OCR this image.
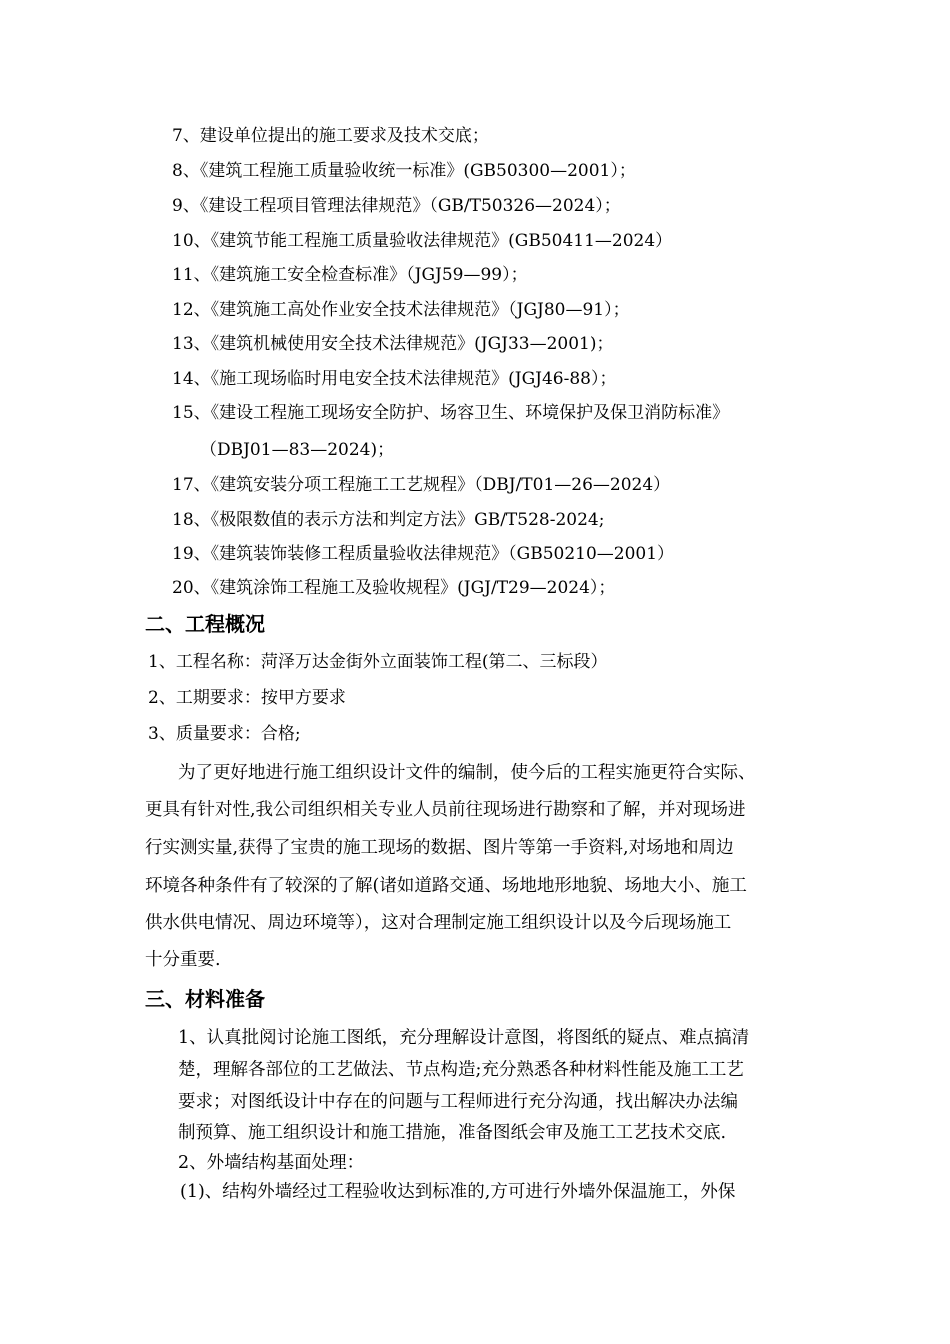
7、建设单位提出的施工要求及技术交底；
8、《建筑工程施工质量验收统一标准》(GB50300—2001）；
9、《建设工程项目管理法律规范》（GB/T50326—2024）；
10、《建筑节能工程施工质量验收法律规范》(GB50411—2024）
11、《建筑施工安全检查标准》（JGJ59—99）；
12、《建筑施工高处作业安全技术法律规范》（JGJ80—91）；
13、《建筑机械使用安全技术法律规范》(JGJ33—2001)；
14、《施工现场临时用电安全技术法律规范》(JGJ46-88）；
15、《建设工程施工现场安全防护、场容卫生、环境保护及保卫消防标准》
（DBJ01—83—2024)；
17、《建筑安装分项工程施工工艺规程》（DBJ/T01—26—2024）
18、《极限数值的表示方法和判定方法》GB/T528-2024;
19、《建筑装饰装修工程质量验收法律规范》（GB50210—2001）
20、《建筑涂饰工程施工及验收规程》(JGJ/T29—2024）；
二、工程概况
1、工程名称：菏泽万达金街外立面装饰工程(第二、三标段）
2、工期要求：按甲方要求
3、质量要求：合格;
为了更好地进行施工组织设计文件的编制，使今后的工程实施更符合实际、
更具有针对性,我公司组织相关专业人员前往现场进行勘察和了解，并对现场进
行实测实量,获得了宝贵的施工现场的数据、图片等第一手资料,对场地和周边
环境各种条件有了较深的了解(诸如道路交通、场地地形地貌、场地大小、施工
供水供电情况、周边环境等），这对合理制定施工组织设计以及今后现场施工
十分重要.
三、材料准备
1、认真批阅讨论施工图纸，充分理解设计意图，将图纸的疑点、难点搞清
楚，理解各部位的工艺做法、节点构造;充分熟悉各种材料性能及施工工艺
要求；对图纸设计中存在的问题与工程师进行充分沟通，找出解决办法编
制预算、施工组织设计和施工措施，准备图纸会审及施工工艺技术交底.
2、外墙结构基面处理：
(1)、结构外墙经过工程验收达到标准的,方可进行外墙外保温施工，外保
